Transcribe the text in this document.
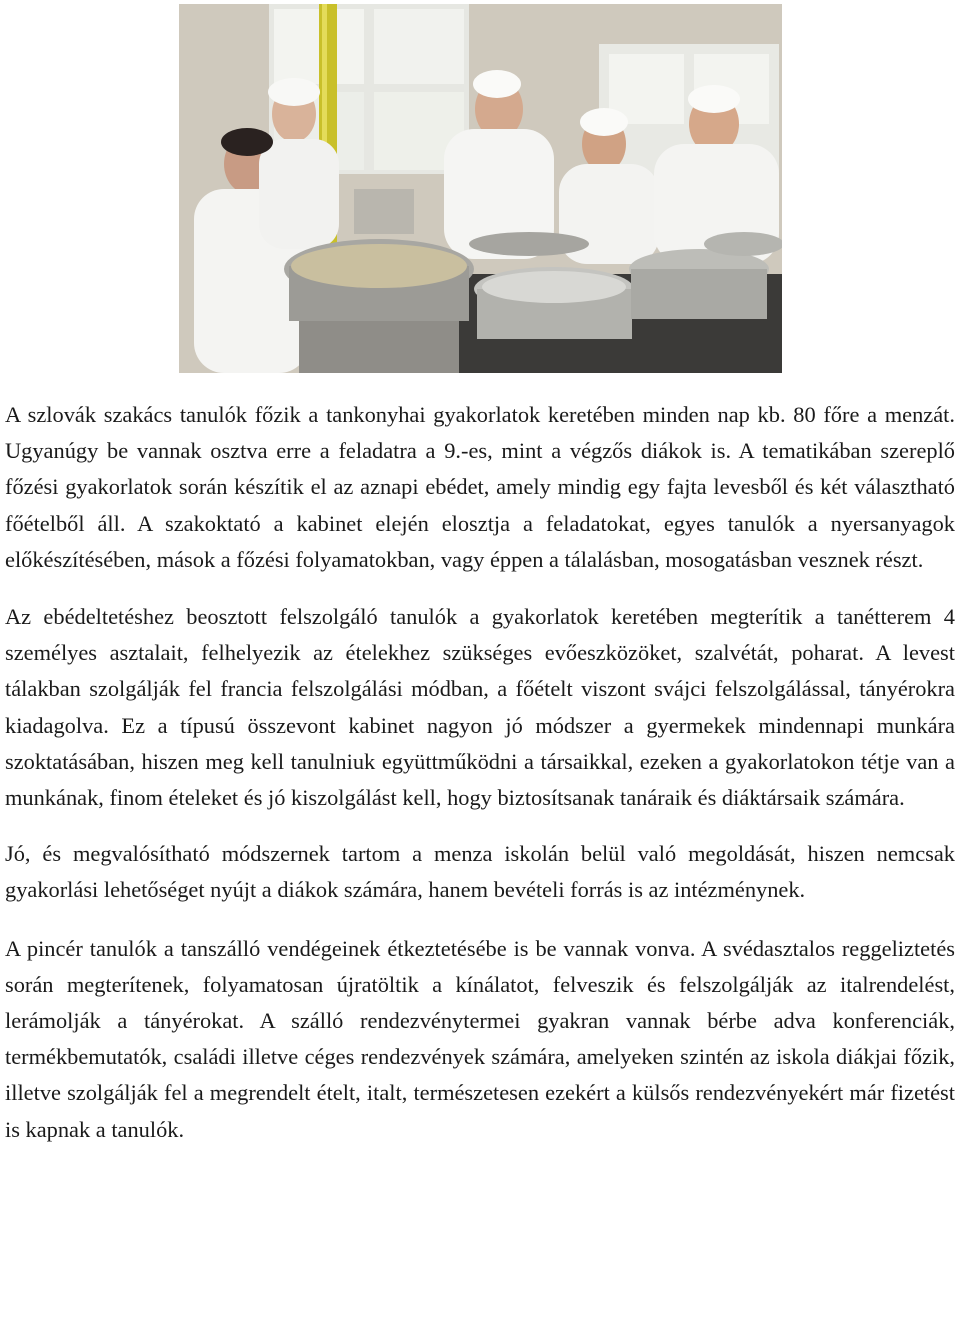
A szlovák szakács tanulók főzik a tankonyhai gyakorlatok keretében minden nap kb. 80 főre a menzát. Ugyanúgy be vannak osztva erre a feladatra a 9.-es, mint a végzős diákok is. A tematikában szereplő főzési gyakorlatok során készítik el az aznapi ebédet, amely mindig egy fajta levesből és két választható főételből áll. A szakoktató a kabinet elején elosztja a feladatokat, egyes tanulók a nyersanyagok előkészítésében, mások a főzési folyamatokban, vagy éppen a tálalásban, mosogatásban vesznek részt.

Az ebédeltetéshez beosztott felszolgáló tanulók a gyakorlatok keretében megterítik a tanétterem 4 személyes asztalait, felhelyezik az ételekhez szükséges evőeszközöket, szalvétát, poharat. A levest tálakban szolgálják fel francia felszolgálási módban, a főételt viszont svájci felszolgálással, tányérokra kiadagolva. Ez a típusú összevont kabinet nagyon jó módszer a gyermekek mindennapi munkára szoktatásában, hiszen meg kell tanulniuk együttműködni a társaikkal, ezeken a gyakorlatokon tétje van a munkának, finom ételeket és jó kiszolgálást kell, hogy biztosítsanak tanáraik és diáktársaik számára.

Jó, és megvalósítható módszernek tartom a menza iskolán belül való megoldását, hiszen nemcsak gyakorlási lehetőséget nyújt a diákok számára, hanem bevételi forrás is az intézménynek.

A pincér tanulók a tanszálló vendégeinek étkeztetésébe is be vannak vonva. A svédasztalos reggeliztetés során megterítenek, folyamatosan újratöltik a kínálatot, felveszik és felszolgálják az italrendelést, lerámolják a tányérokat. A szálló rendezvénytermei gyakran vannak bérbe adva konferenciák, termékbemutatók, családi illetve céges rendezvények számára, amelyeken szintén az iskola diákjai főzik, illetve szolgálják fel a megrendelt ételt, italt, természetesen ezekért a külsős rendezvényekért már fizetést is kapnak a tanulók.
